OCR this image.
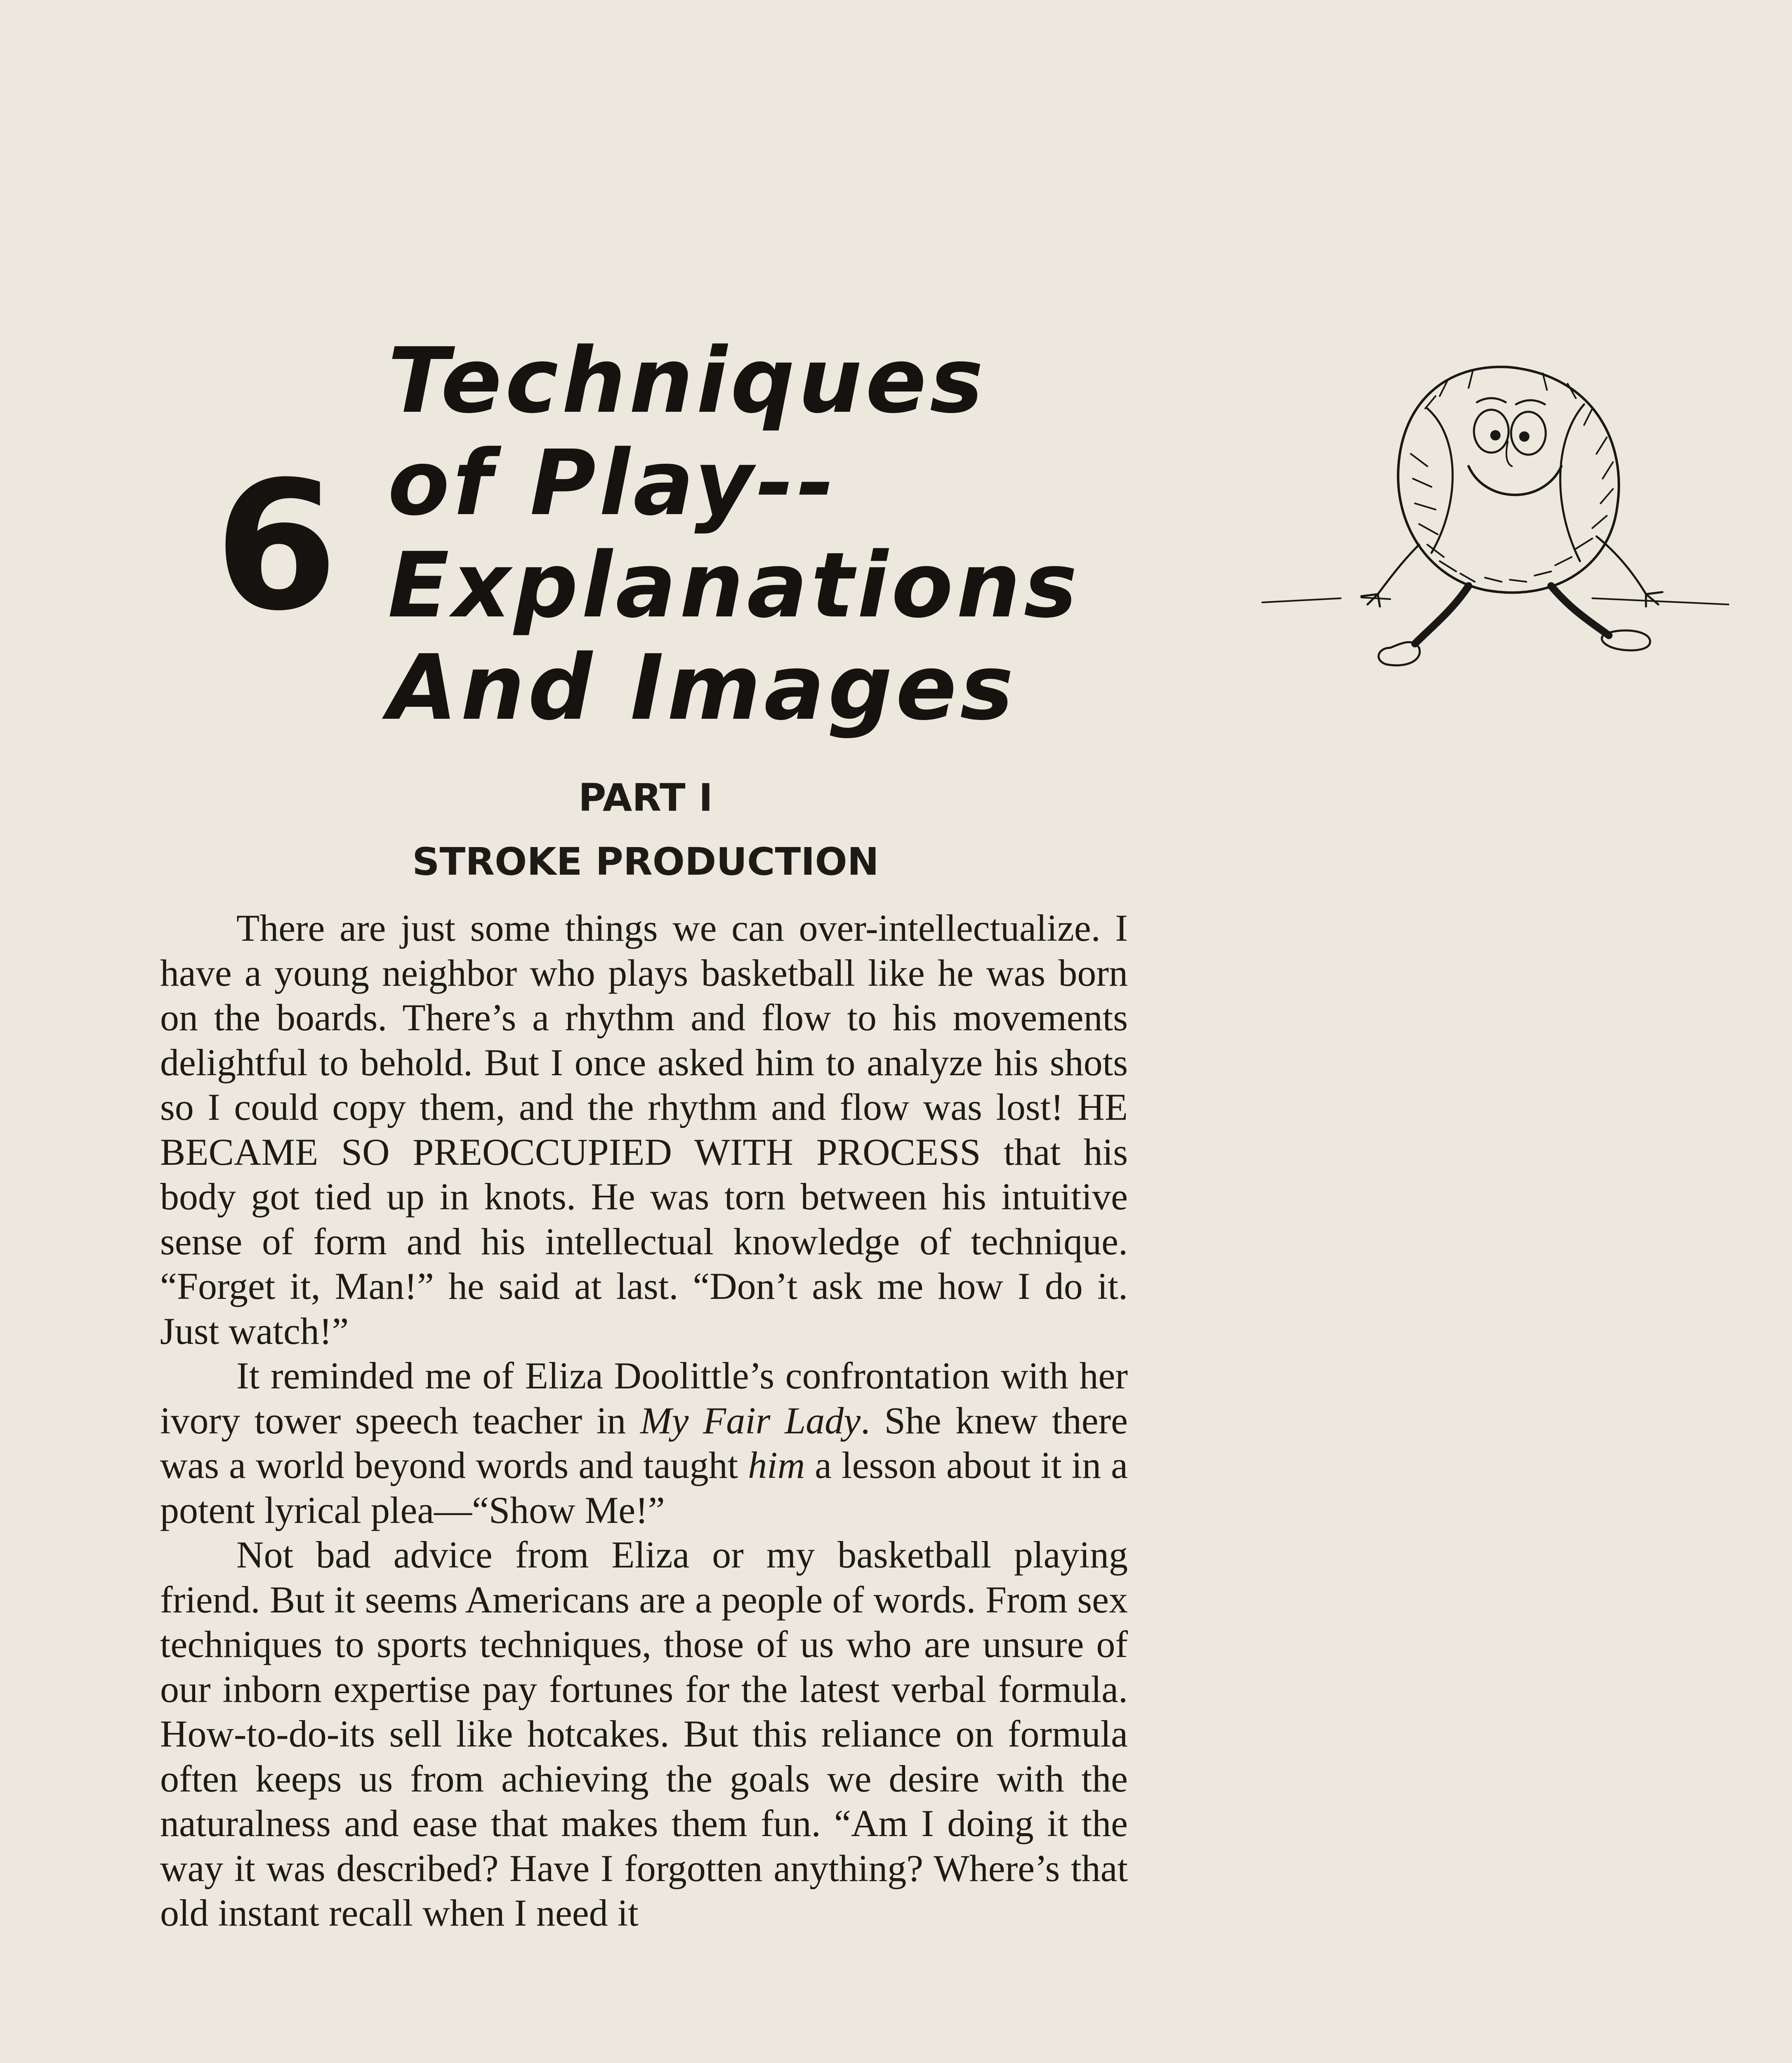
6
Techniques
of Play--
Explanations
And Images
PART I
STROKE PRODUCTION

There are just some things we can over-intellectualize. I have a young neighbor who plays basketball like he was born on the boards. There’s a rhythm and flow to his movements delightful to behold. But I once asked him to analyze his shots so I could copy them, and the rhythm and flow was lost! HE BECAME SO PREOCCUPIED WITH PROCESS that his body got tied up in knots. He was torn between his intuitive sense of form and his intellectual knowledge of technique. “Forget it, Man!” he said at last. “Don’t ask me how I do it. Just watch!”

It reminded me of Eliza Doolittle’s confrontation with her ivory tower speech teacher in My Fair Lady. She knew there was a world beyond words and taught him a lesson about it in a potent lyrical plea—“Show Me!”

Not bad advice from Eliza or my basketball playing friend. But it seems Americans are a people of words. From sex techniques to sports techniques, those of us who are unsure of our inborn expertise pay fortunes for the latest verbal formula. How-to-do-its sell like hotcakes. But this reliance on formula often keeps us from achieving the goals we desire with the naturalness and ease that makes them fun. “Am I doing it the way it was described? Have I forgotten anything? Where’s that old instant recall when I need it
